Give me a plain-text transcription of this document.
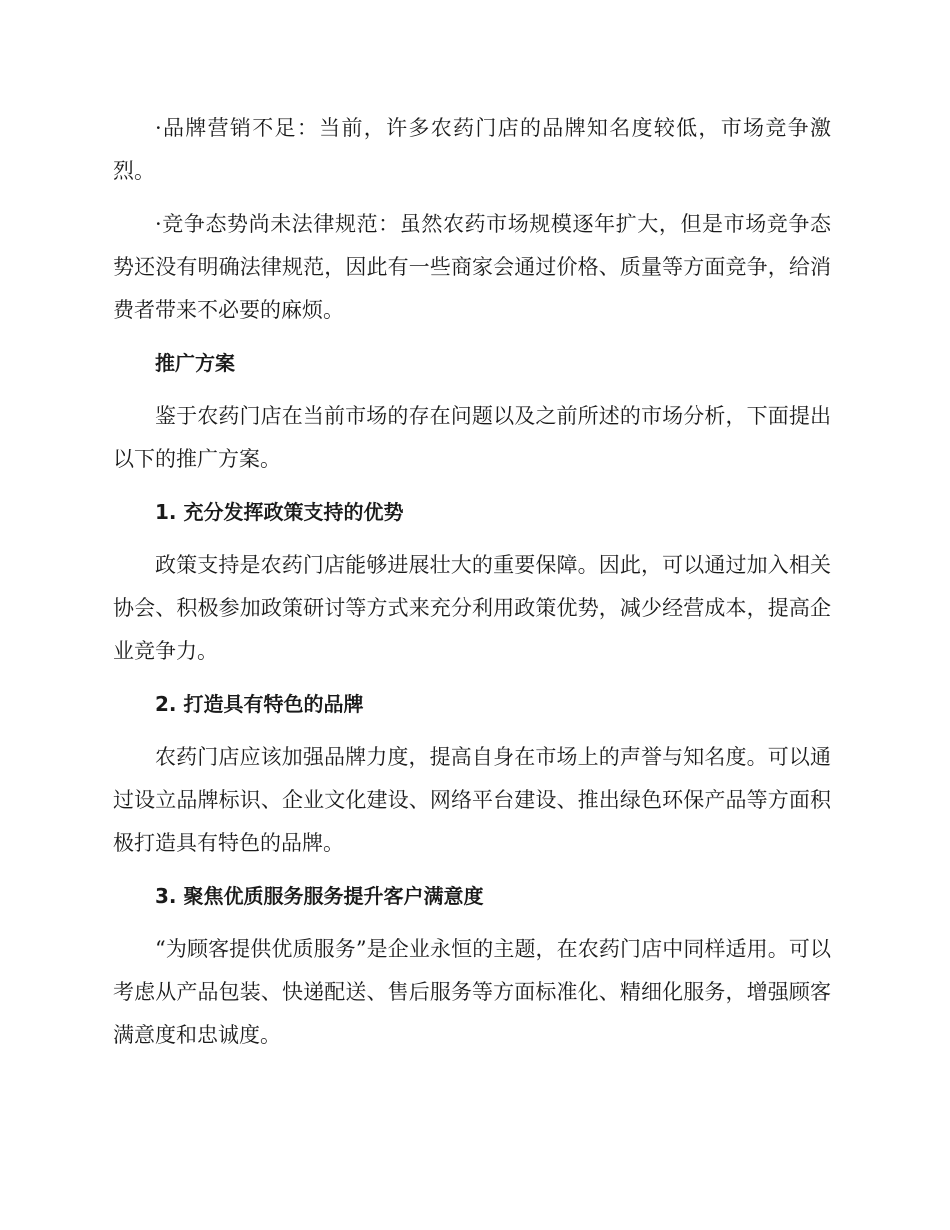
·品牌营销不足：当前，许多农药门店的品牌知名度较低，市场竞争激烈。

·竞争态势尚未法律规范：虽然农药市场规模逐年扩大，但是市场竞争态势还没有明确法律规范，因此有一些商家会通过价格、质量等方面竞争，给消费者带来不必要的麻烦。

推广方案

鉴于农药门店在当前市场的存在问题以及之前所述的市场分析，下面提出以下的推广方案。

1. 充分发挥政策支持的优势

政策支持是农药门店能够进展壮大的重要保障。因此，可以通过加入相关协会、积极参加政策研讨等方式来充分利用政策优势，减少经营成本，提高企业竞争力。

2. 打造具有特色的品牌

农药门店应该加强品牌力度，提高自身在市场上的声誉与知名度。可以通过设立品牌标识、企业文化建设、网络平台建设、推出绿色环保产品等方面积极打造具有特色的品牌。

3. 聚焦优质服务服务提升客户满意度

“为顾客提供优质服务”是企业永恒的主题，在农药门店中同样适用。可以考虑从产品包装、快递配送、售后服务等方面标准化、精细化服务，增强顾客满意度和忠诚度。
